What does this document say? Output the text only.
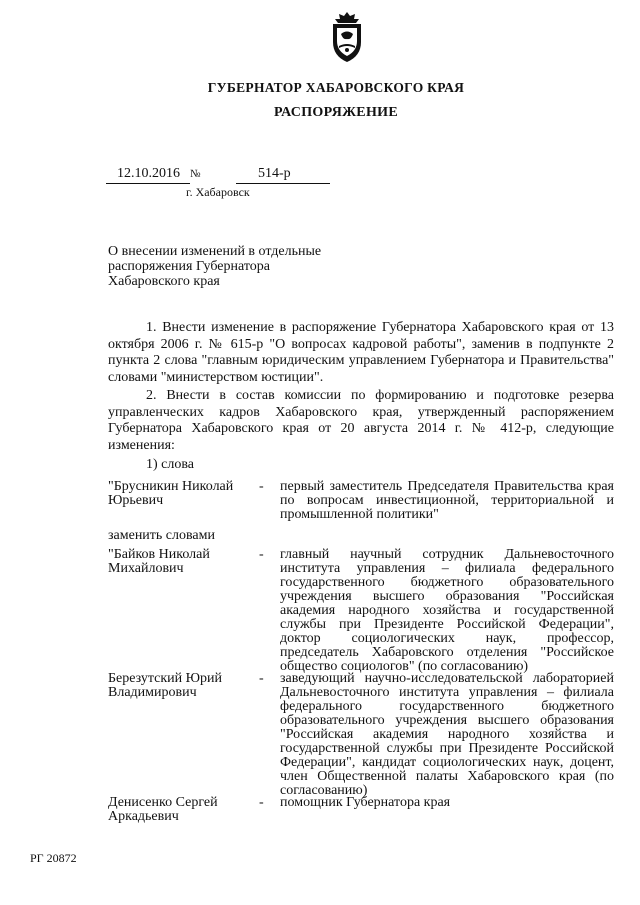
ГУБЕРНАТОР ХАБАРОВСКОГО КРАЯ
РАСПОРЯЖЕНИЕ
12.10.2016 №	514-р
г. Хабаровск
О внесении изменений в отдельные распоряжения Губернатора Хабаровского края
1. Внести изменение в распоряжение Губернатора Хабаровского края от 13 октября 2006 г. № 615-р "О вопросах кадровой работы", заменив в подпункте 2 пункта 2 слова "главным юридическим управлением Губернатора и Правительства" словами "министерством юстиции".
2. Внести в состав комиссии по формированию и подготовке резерва управленческих кадров Хабаровского края, утвержденный распоряжением Губернатора Хабаровского края от 20 августа 2014 г. № 412-р, следующие изменения:
1) слова
"Брусникин Николай Юрьевич
- первый заместитель Председателя Правительства края по вопросам инвестиционной, территориальной и промышленной политики"
заменить словами
"Байков Николай Михайлович
- главный научный сотрудник Дальневосточного института управления – филиала федерального государственного бюджетного образовательного учреждения высшего образования "Российская академия народного хозяйства и государственной службы при Президенте Российской Федерации", доктор социологических наук, профессор, председатель Хабаровского отделения "Российское общество социологов" (по согласованию)
Березутский Юрий Владимирович
- заведующий научно-исследовательской лабораторией Дальневосточного института управления – филиала федерального государственного бюджетного образовательного учреждения высшего образования "Российская академия народного хозяйства и государственной службы при Президенте Российской Федерации", кандидат социологических наук, доцент, член Общественной палаты Хабаровского края (по согласованию)
Денисенко Сергей Аркадьевич
- помощник Губернатора края
РГ 20872
